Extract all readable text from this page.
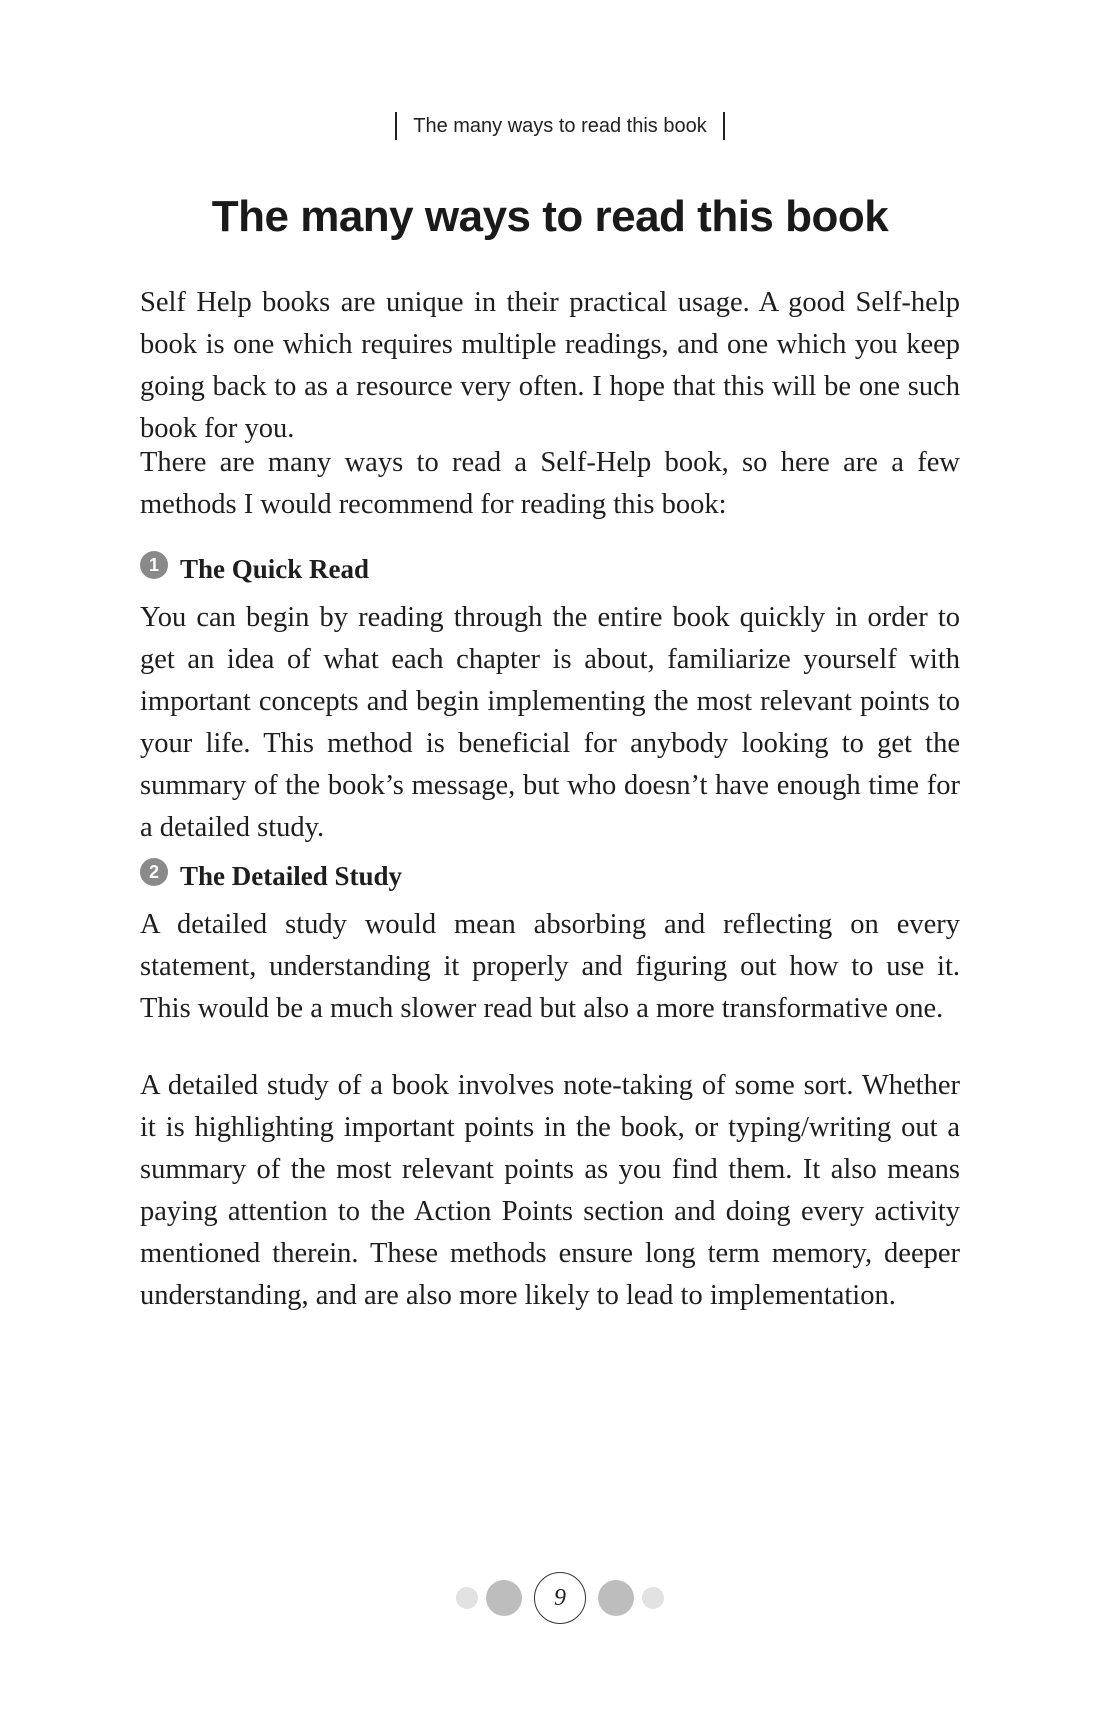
The many ways to read this book
The many ways to read this book

Self Help books are unique in their practical usage. A good Self-help book is one which requires multiple readings, and one which you keep going back to as a resource very often. I hope that this will be one such book for you.

There are many ways to read a Self-Help book, so here are a few methods I would recommend for reading this book:

1 The Quick Read

You can begin by reading through the entire book quickly in order to get an idea of what each chapter is about, familiarize yourself with important concepts and begin implementing the most relevant points to your life. This method is beneficial for anybody looking to get the summary of the book’s message, but who doesn’t have enough time for a detailed study.

2 The Detailed Study

A detailed study would mean absorbing and reflecting on every statement, understanding it properly and figuring out how to use it. This would be a much slower read but also a more transformative one.

A detailed study of a book involves note-taking of some sort. Whether it is highlighting important points in the book, or typing/writing out a summary of the most relevant points as you find them. It also means paying attention to the Action Points section and doing every activity mentioned therein. These methods ensure long term memory, deeper understanding, and are also more likely to lead to implementation.

9
